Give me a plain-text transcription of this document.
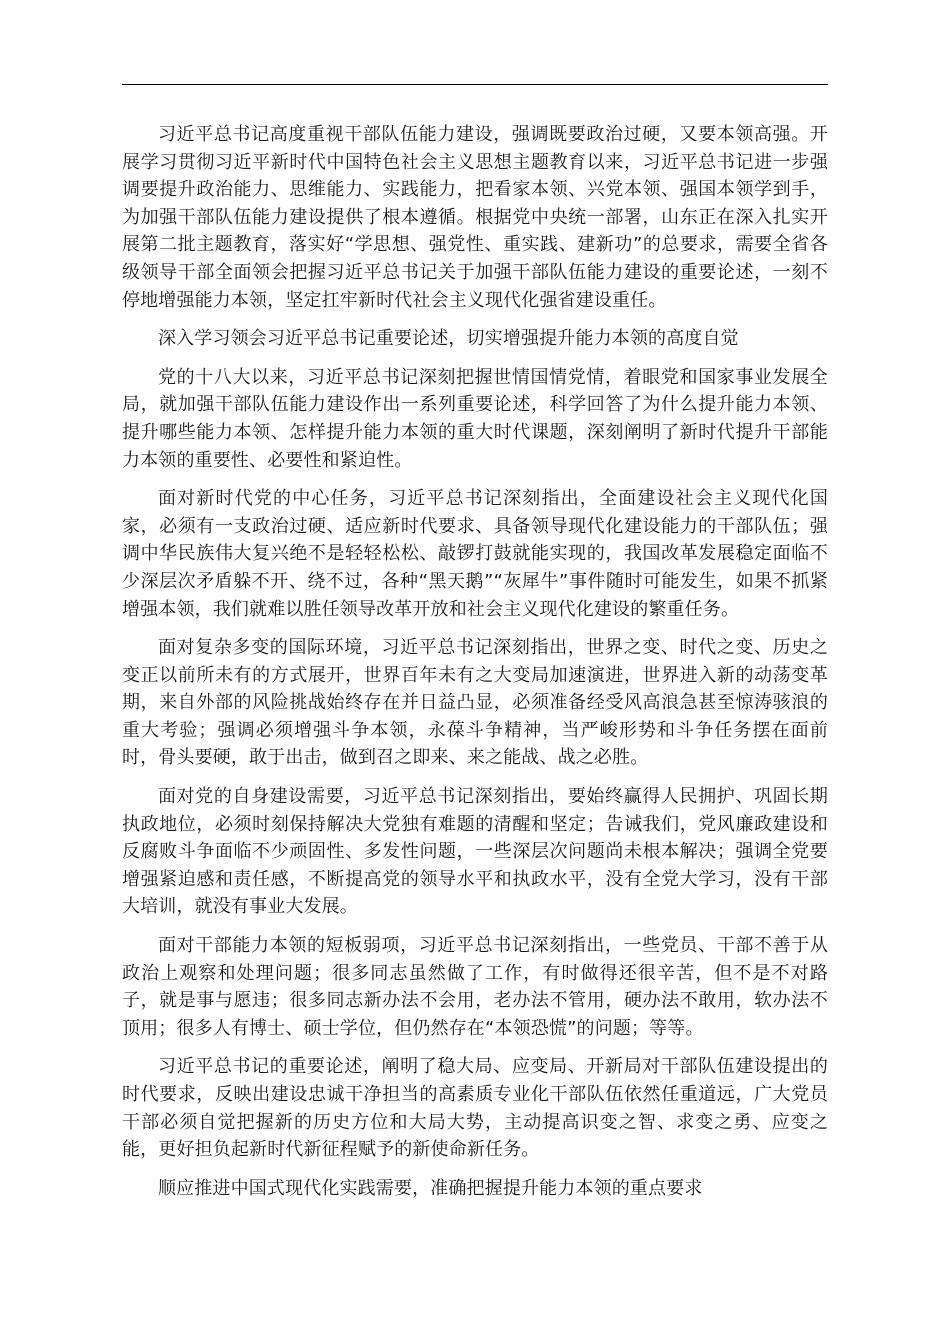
习近平总书记高度重视干部队伍能力建设，强调既要政治过硬，又要本领高强。开展学习贯彻习近平新时代中国特色社会主义思想主题教育以来，习近平总书记进一步强调要提升政治能力、思维能力、实践能力，把看家本领、兴党本领、强国本领学到手，为加强干部队伍能力建设提供了根本遵循。根据党中央统一部署，山东正在深入扎实开展第二批主题教育，落实好“学思想、强党性、重实践、建新功”的总要求，需要全省各级领导干部全面领会把握习近平总书记关于加强干部队伍能力建设的重要论述，一刻不停地增强能力本领，坚定扛牢新时代社会主义现代化强省建设重任。

深入学习领会习近平总书记重要论述，切实增强提升能力本领的高度自觉

党的十八大以来，习近平总书记深刻把握世情国情党情，着眼党和国家事业发展全局，就加强干部队伍能力建设作出一系列重要论述，科学回答了为什么提升能力本领、提升哪些能力本领、怎样提升能力本领的重大时代课题，深刻阐明了新时代提升干部能力本领的重要性、必要性和紧迫性。

面对新时代党的中心任务，习近平总书记深刻指出，全面建设社会主义现代化国家，必须有一支政治过硬、适应新时代要求、具备领导现代化建设能力的干部队伍；强调中华民族伟大复兴绝不是轻轻松松、敲锣打鼓就能实现的，我国改革发展稳定面临不少深层次矛盾躲不开、绕不过，各种“黑天鹅”“灰犀牛”事件随时可能发生，如果不抓紧增强本领，我们就难以胜任领导改革开放和社会主义现代化建设的繁重任务。

面对复杂多变的国际环境，习近平总书记深刻指出，世界之变、时代之变、历史之变正以前所未有的方式展开，世界百年未有之大变局加速演进，世界进入新的动荡变革期，来自外部的风险挑战始终存在并日益凸显，必须准备经受风高浪急甚至惊涛骇浪的重大考验；强调必须增强斗争本领，永葆斗争精神，当严峻形势和斗争任务摆在面前时，骨头要硬，敢于出击，做到召之即来、来之能战、战之必胜。

面对党的自身建设需要，习近平总书记深刻指出，要始终赢得人民拥护、巩固长期执政地位，必须时刻保持解决大党独有难题的清醒和坚定；告诫我们，党风廉政建设和反腐败斗争面临不少顽固性、多发性问题，一些深层次问题尚未根本解决；强调全党要增强紧迫感和责任感，不断提高党的领导水平和执政水平，没有全党大学习，没有干部大培训，就没有事业大发展。

面对干部能力本领的短板弱项，习近平总书记深刻指出，一些党员、干部不善于从政治上观察和处理问题；很多同志虽然做了工作，有时做得还很辛苦，但不是不对路子，就是事与愿违；很多同志新办法不会用，老办法不管用，硬办法不敢用，软办法不顶用；很多人有博士、硕士学位，但仍然存在“本领恐慌”的问题；等等。

习近平总书记的重要论述，阐明了稳大局、应变局、开新局对干部队伍建设提出的时代要求，反映出建设忠诚干净担当的高素质专业化干部队伍依然任重道远，广大党员干部必须自觉把握新的历史方位和大局大势，主动提高识变之智、求变之勇、应变之能，更好担负起新时代新征程赋予的新使命新任务。

顺应推进中国式现代化实践需要，准确把握提升能力本领的重点要求
